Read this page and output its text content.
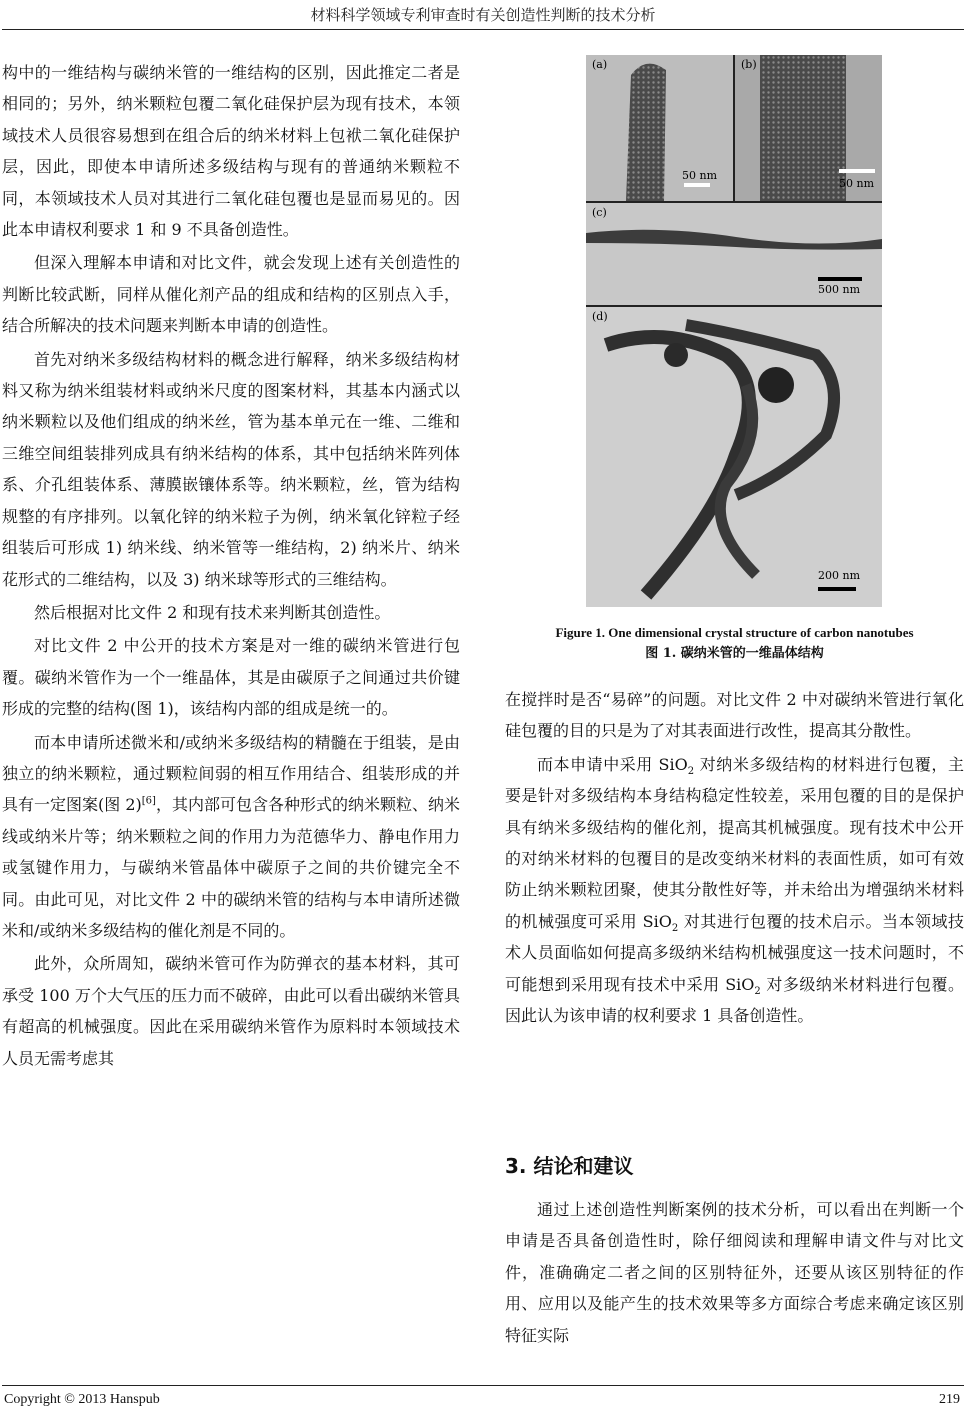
材料科学领域专利审查时有关创造性判断的技术分析

构中的一维结构与碳纳米管的一维结构的区别，因此推定二者是相同的；另外，纳米颗粒包覆二氧化硅保护层为现有技术，本领域技术人员很容易想到在组合后的纳米材料上包袱二氧化硅保护层，因此，即使本申请所述多级结构与现有的普通纳米颗粒不同，本领域技术人员对其进行二氧化硅包覆也是显而易见的。因此本申请权利要求 1 和 9 不具备创造性。

但深入理解本申请和对比文件，就会发现上述有关创造性的判断比较武断，同样从催化剂产品的组成和结构的区别点入手，结合所解决的技术问题来判断本申请的创造性。

首先对纳米多级结构材料的概念进行解释，纳米多级结构材料又称为纳米组装材料或纳米尺度的图案材料，其基本内涵式以纳米颗粒以及他们组成的纳米丝，管为基本单元在一维、二维和三维空间组装排列成具有纳米结构的体系，其中包括纳米阵列体系、介孔组装体系、薄膜嵌镶体系等。纳米颗粒，丝，管为结构规整的有序排列。以氧化锌的纳米粒子为例，纳米氧化锌粒子经组装后可形成 1) 纳米线、纳米管等一维结构，2) 纳米片、纳米花形式的二维结构，以及 3) 纳米球等形式的三维结构。

然后根据对比文件 2 和现有技术来判断其创造性。

对比文件 2 中公开的技术方案是对一维的碳纳米管进行包覆。碳纳米管作为一个一维晶体，其是由碳原子之间通过共价键形成的完整的结构(图 1)，该结构内部的组成是统一的。

而本申请所述微米和/或纳米多级结构的精髓在于组装，是由独立的纳米颗粒，通过颗粒间弱的相互作用结合、组装形成的并具有一定图案(图 2)[6]，其内部可包含各种形式的纳米颗粒、纳米线或纳米片等；纳米颗粒之间的作用力为范德华力、静电作用力或氢键作用力，与碳纳米管晶体中碳原子之间的共价键完全不同。由此可见，对比文件 2 中的碳纳米管的结构与本申请所述微米和/或纳米多级结构的催化剂是不同的。

此外，众所周知，碳纳米管可作为防弹衣的基本材料，其可承受 100 万个大气压的压力而不破碎，由此可以看出碳纳米管具有超高的机械强度。因此在采用碳纳米管作为原料时本领域技术人员无需考虑其

(a)
50 nm
(b)
50 nm
(c)
500 nm
(d)
200 nm
Figure 1. One dimensional crystal structure of carbon nanotubes
图 1. 碳纳米管的一维晶体结构

在搅拌时是否“易碎”的问题。对比文件 2 中对碳纳米管进行氧化硅包覆的目的只是为了对其表面进行改性，提高其分散性。

而本申请中采用 SiO$_2$ 对纳米多级结构的材料进行包覆，主要是针对多级结构本身结构稳定性较差，采用包覆的目的是保护具有纳米多级结构的催化剂，提高其机械强度。现有技术中公开的对纳米材料的包覆目的是改变纳米材料的表面性质，如可有效防止纳米颗粒团聚，使其分散性好等，并未给出为增强纳米材料的机械强度可采用 SiO$_2$ 对其进行包覆的技术启示。当本领域技术人员面临如何提高多级纳米结构机械强度这一技术问题时，不可能想到采用现有技术中采用 SiO$_2$ 对多级纳米材料进行包覆。因此认为该申请的权利要求 1 具备创造性。

3. 结论和建议

通过上述创造性判断案例的技术分析，可以看出在判断一个申请是否具备创造性时，除仔细阅读和理解申请文件与对比文件，准确确定二者之间的区别特征外，还要从该区别特征的作用、应用以及能产生的技术效果等多方面综合考虑来确定该区别特征实际

Copyright © 2013 Hanspub	219
